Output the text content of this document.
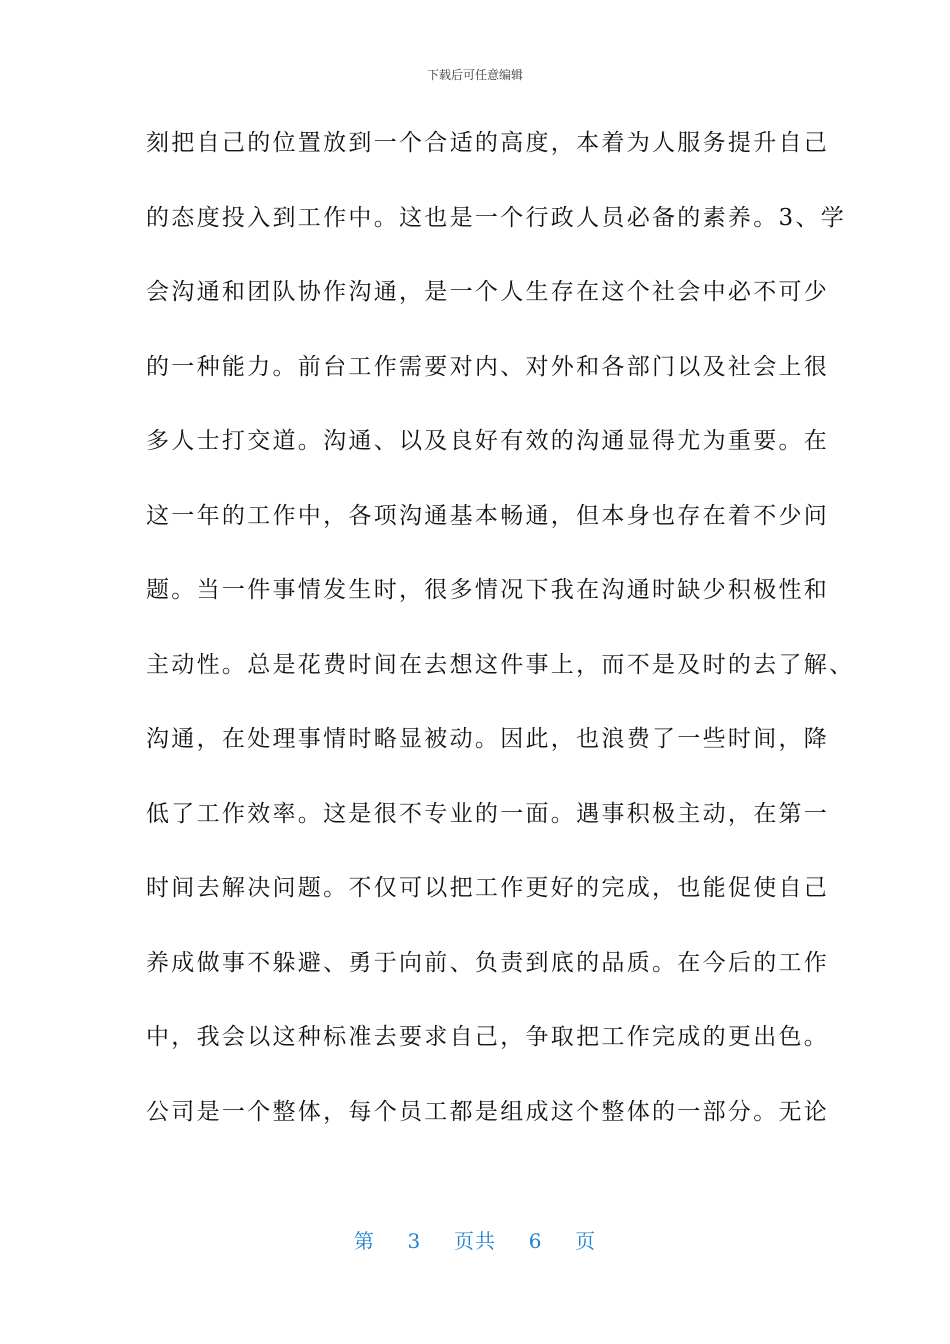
下载后可任意编辑
刻把自己的位置放到一个合适的高度，本着为人服务提升自己
的态度投入到工作中。这也是一个行政人员必备的素养。3、学
会沟通和团队协作沟通，是一个人生存在这个社会中必不可少
的一种能力。前台工作需要对内、对外和各部门以及社会上很
多人士打交道。沟通、以及良好有效的沟通显得尤为重要。在
这一年的工作中，各项沟通基本畅通，但本身也存在着不少问
题。当一件事情发生时，很多情况下我在沟通时缺少积极性和
主动性。总是花费时间在去想这件事上，而不是及时的去了解、
沟通，在处理事情时略显被动。因此，也浪费了一些时间，降
低了工作效率。这是很不专业的一面。遇事积极主动，在第一
时间去解决问题。不仅可以把工作更好的完成，也能促使自己
养成做事不躲避、勇于向前、负责到底的品质。在今后的工作
中，我会以这种标准去要求自己，争取把工作完成的更出色。
公司是一个整体，每个员工都是组成这个整体的一部分。无论
第 3 页共 6 页
